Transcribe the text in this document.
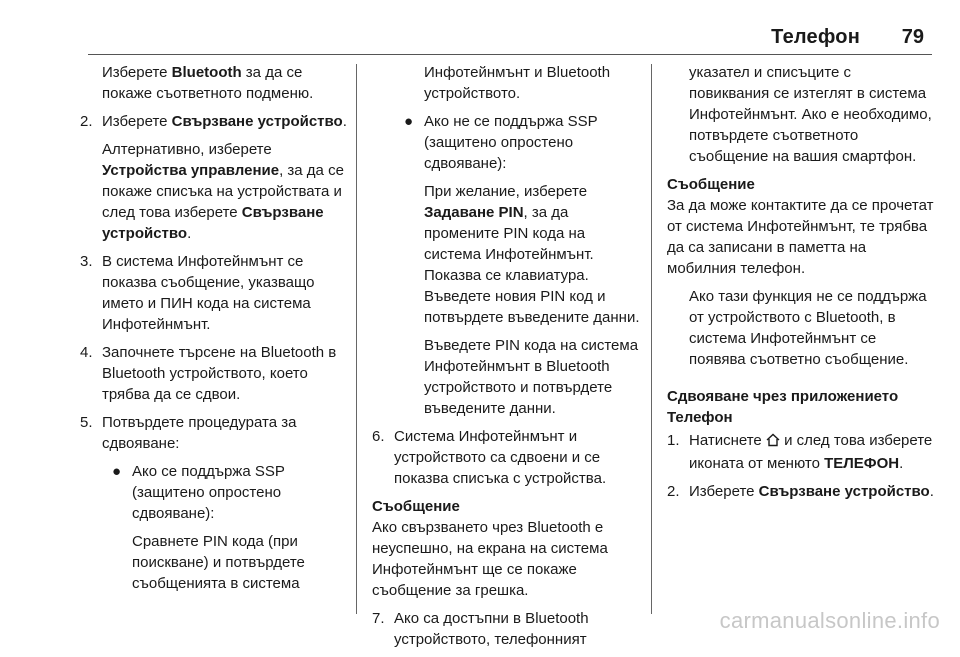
Телефон 79

Изберете Bluetooth за да се покаже съответното подменю.

2. Изберете Свързване устройство.

Алтернативно, изберете Устройства управление, за да се покаже списъка на устройствата и след това изберете Свързване устройство.

3. В система Инфотейнмънт се показва съобщение, указващо името и ПИН кода на система Инфотейнмънт.
4. Започнете търсене на Bluetooth в Bluetooth устройството, което трябва да се сдвои.
5. Потвърдете процедурата за сдвояване:
● Ако се поддържа SSP (защитено опростено сдвояване):

Сравнете PIN кода (при поискване) и потвърдете съобщенията в система

Инфотейнмънт и Bluetooth устройството.

● Ако не се поддържа SSP (защитено опростено сдвояване):

При желание, изберете Задаване PIN, за да промените PIN кода на система Инфотейнмънт. Показва се клавиатура. Въведете новия PIN код и потвърдете въведените данни.

Въведете PIN кода на система Инфотейнмънт в Bluetooth устройството и потвърдете въведените данни.

6. Система Инфотейнмънт и устройството са сдвоени и се показва списъка с устройства.

Съобщение

Ако свързването чрез Bluetooth е неуспешно, на екрана на система Инфотейнмънт ще се покаже съобщение за грешка.

7. Ако са достъпни в Bluetooth устройството, телефонният

указател и списъците с повиквания се изтеглят в система Инфотейнмънт. Ако е необходимо, потвърдете съответното съобщение на вашия смартфон.

Съобщение

За да може контактите да се прочетат от система Инфотейнмънт, те трябва да са записани в паметта на мобилния телефон.

Ако тази функция не се поддържа от устройството с Bluetooth, в система Инфотейнмънт се появява съответно съобщение.

Сдвояване чрез приложението Телефон

1. Натиснете  и след това изберете иконата от менюто ТЕЛЕФОН.
2. Изберете Свързване устройство.
carmanualsonline.info
